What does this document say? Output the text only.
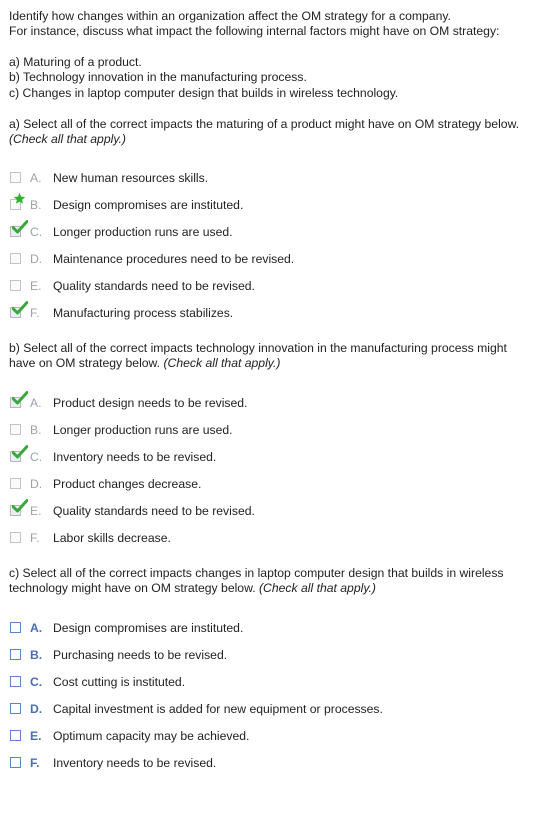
Identify how changes within an organization affect the OM strategy for a company.
For instance, discuss what impact the following internal factors might have on OM strategy:
a) Maturing of a product.
b) Technology innovation in the manufacturing process.
c) Changes in laptop computer design that builds in wireless technology.
a) Select all of the correct impacts the maturing of a product might have on OM strategy below.
(Check all that apply.)
A. New human resources skills.
B. Design compromises are instituted.
C. Longer production runs are used.
D. Maintenance procedures need to be revised.
E. Quality standards need to be revised.
F. Manufacturing process stabilizes.
b) Select all of the correct impacts technology innovation in the manufacturing process might
have on OM strategy below. (Check all that apply.)
A. Product design needs to be revised.
B. Longer production runs are used.
C. Inventory needs to be revised.
D. Product changes decrease.
E. Quality standards need to be revised.
F. Labor skills decrease.
c) Select all of the correct impacts changes in laptop computer design that builds in wireless
technology might have on OM strategy below. (Check all that apply.)
A. Design compromises are instituted.
B. Purchasing needs to be revised.
C. Cost cutting is instituted.
D. Capital investment is added for new equipment or processes.
E. Optimum capacity may be achieved.
F. Inventory needs to be revised.
